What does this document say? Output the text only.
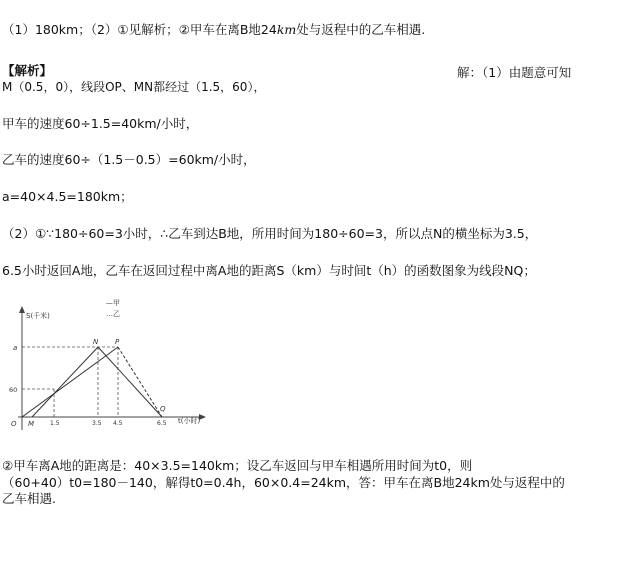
（1）180km；（2）①见解析；②甲车在离B地24km处与返程中的乙车相遇.
【解析】	解：（1）由题意可知
M（0.5，0），线段OP、MN都经过（1.5，60），
甲车的速度60÷1.5=40km/小时，
乙车的速度60÷（1.5－0.5）=60km/小时，
a=40×4.5=180km；
（2）①∵180÷60=3小时，∴乙车到达B地，所用时间为180÷60=3，所以点N的横坐标为3.5，
6.5小时返回A地，乙车在返回过程中离A地的距离S（km）与时间t（h）的函数图象为线段NQ；
S(千米)
t(小时)
—甲
…乙
O M
N P
Q
a
60
1.5	3.5 4.5	6.5
②甲车离A地的距离是：40×3.5=140km；设乙车返回与甲车相遇所用时间为t0，则
（60+40）t0=180－140，解得t0=0.4h，60×0.4=24km，答：甲车在离B地24km处与返程中的
乙车相遇.
